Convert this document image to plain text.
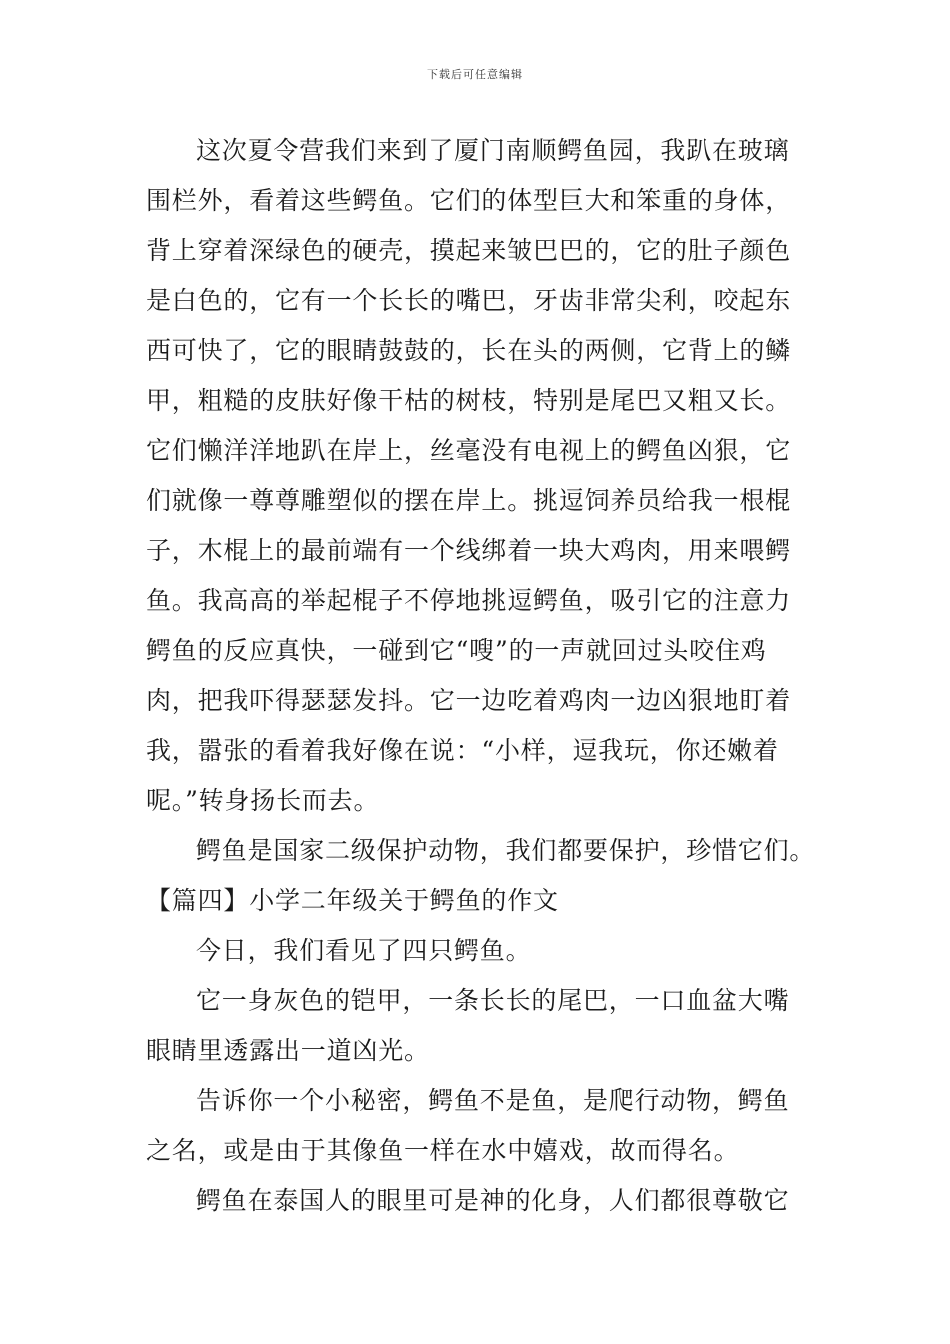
下载后可任意编辑
这次夏令营我们来到了厦门南顺鳄鱼园，我趴在玻璃
围栏外，看着这些鳄鱼。它们的体型巨大和笨重的身体，
背上穿着深绿色的硬壳，摸起来皱巴巴的，它的肚子颜色
是白色的，它有一个长长的嘴巴，牙齿非常尖利，咬起东
西可快了，它的眼睛鼓鼓的，长在头的两侧，它背上的鳞
甲，粗糙的皮肤好像干枯的树枝，特别是尾巴又粗又长。
它们懒洋洋地趴在岸上，丝毫没有电视上的鳄鱼凶狠，它
们就像一尊尊雕塑似的摆在岸上。挑逗饲养员给我一根棍
子，木棍上的最前端有一个线绑着一块大鸡肉，用来喂鳄
鱼。我高高的举起棍子不停地挑逗鳄鱼，吸引它的注意力
鳄鱼的反应真快，一碰到它“嗖”的一声就回过头咬住鸡
肉，把我吓得瑟瑟发抖。它一边吃着鸡肉一边凶狠地盯着
我，嚣张的看着我好像在说：“小样，逗我玩，你还嫩着
呢。”转身扬长而去。
鳄鱼是国家二级保护动物，我们都要保护，珍惜它们。
【篇四】小学二年级关于鳄鱼的作文
今日，我们看见了四只鳄鱼。
它一身灰色的铠甲，一条长长的尾巴，一口血盆大嘴
眼睛里透露出一道凶光。
告诉你一个小秘密，鳄鱼不是鱼，是爬行动物，鳄鱼
之名，或是由于其像鱼一样在水中嬉戏，故而得名。
鳄鱼在泰国人的眼里可是神的化身，人们都很尊敬它
